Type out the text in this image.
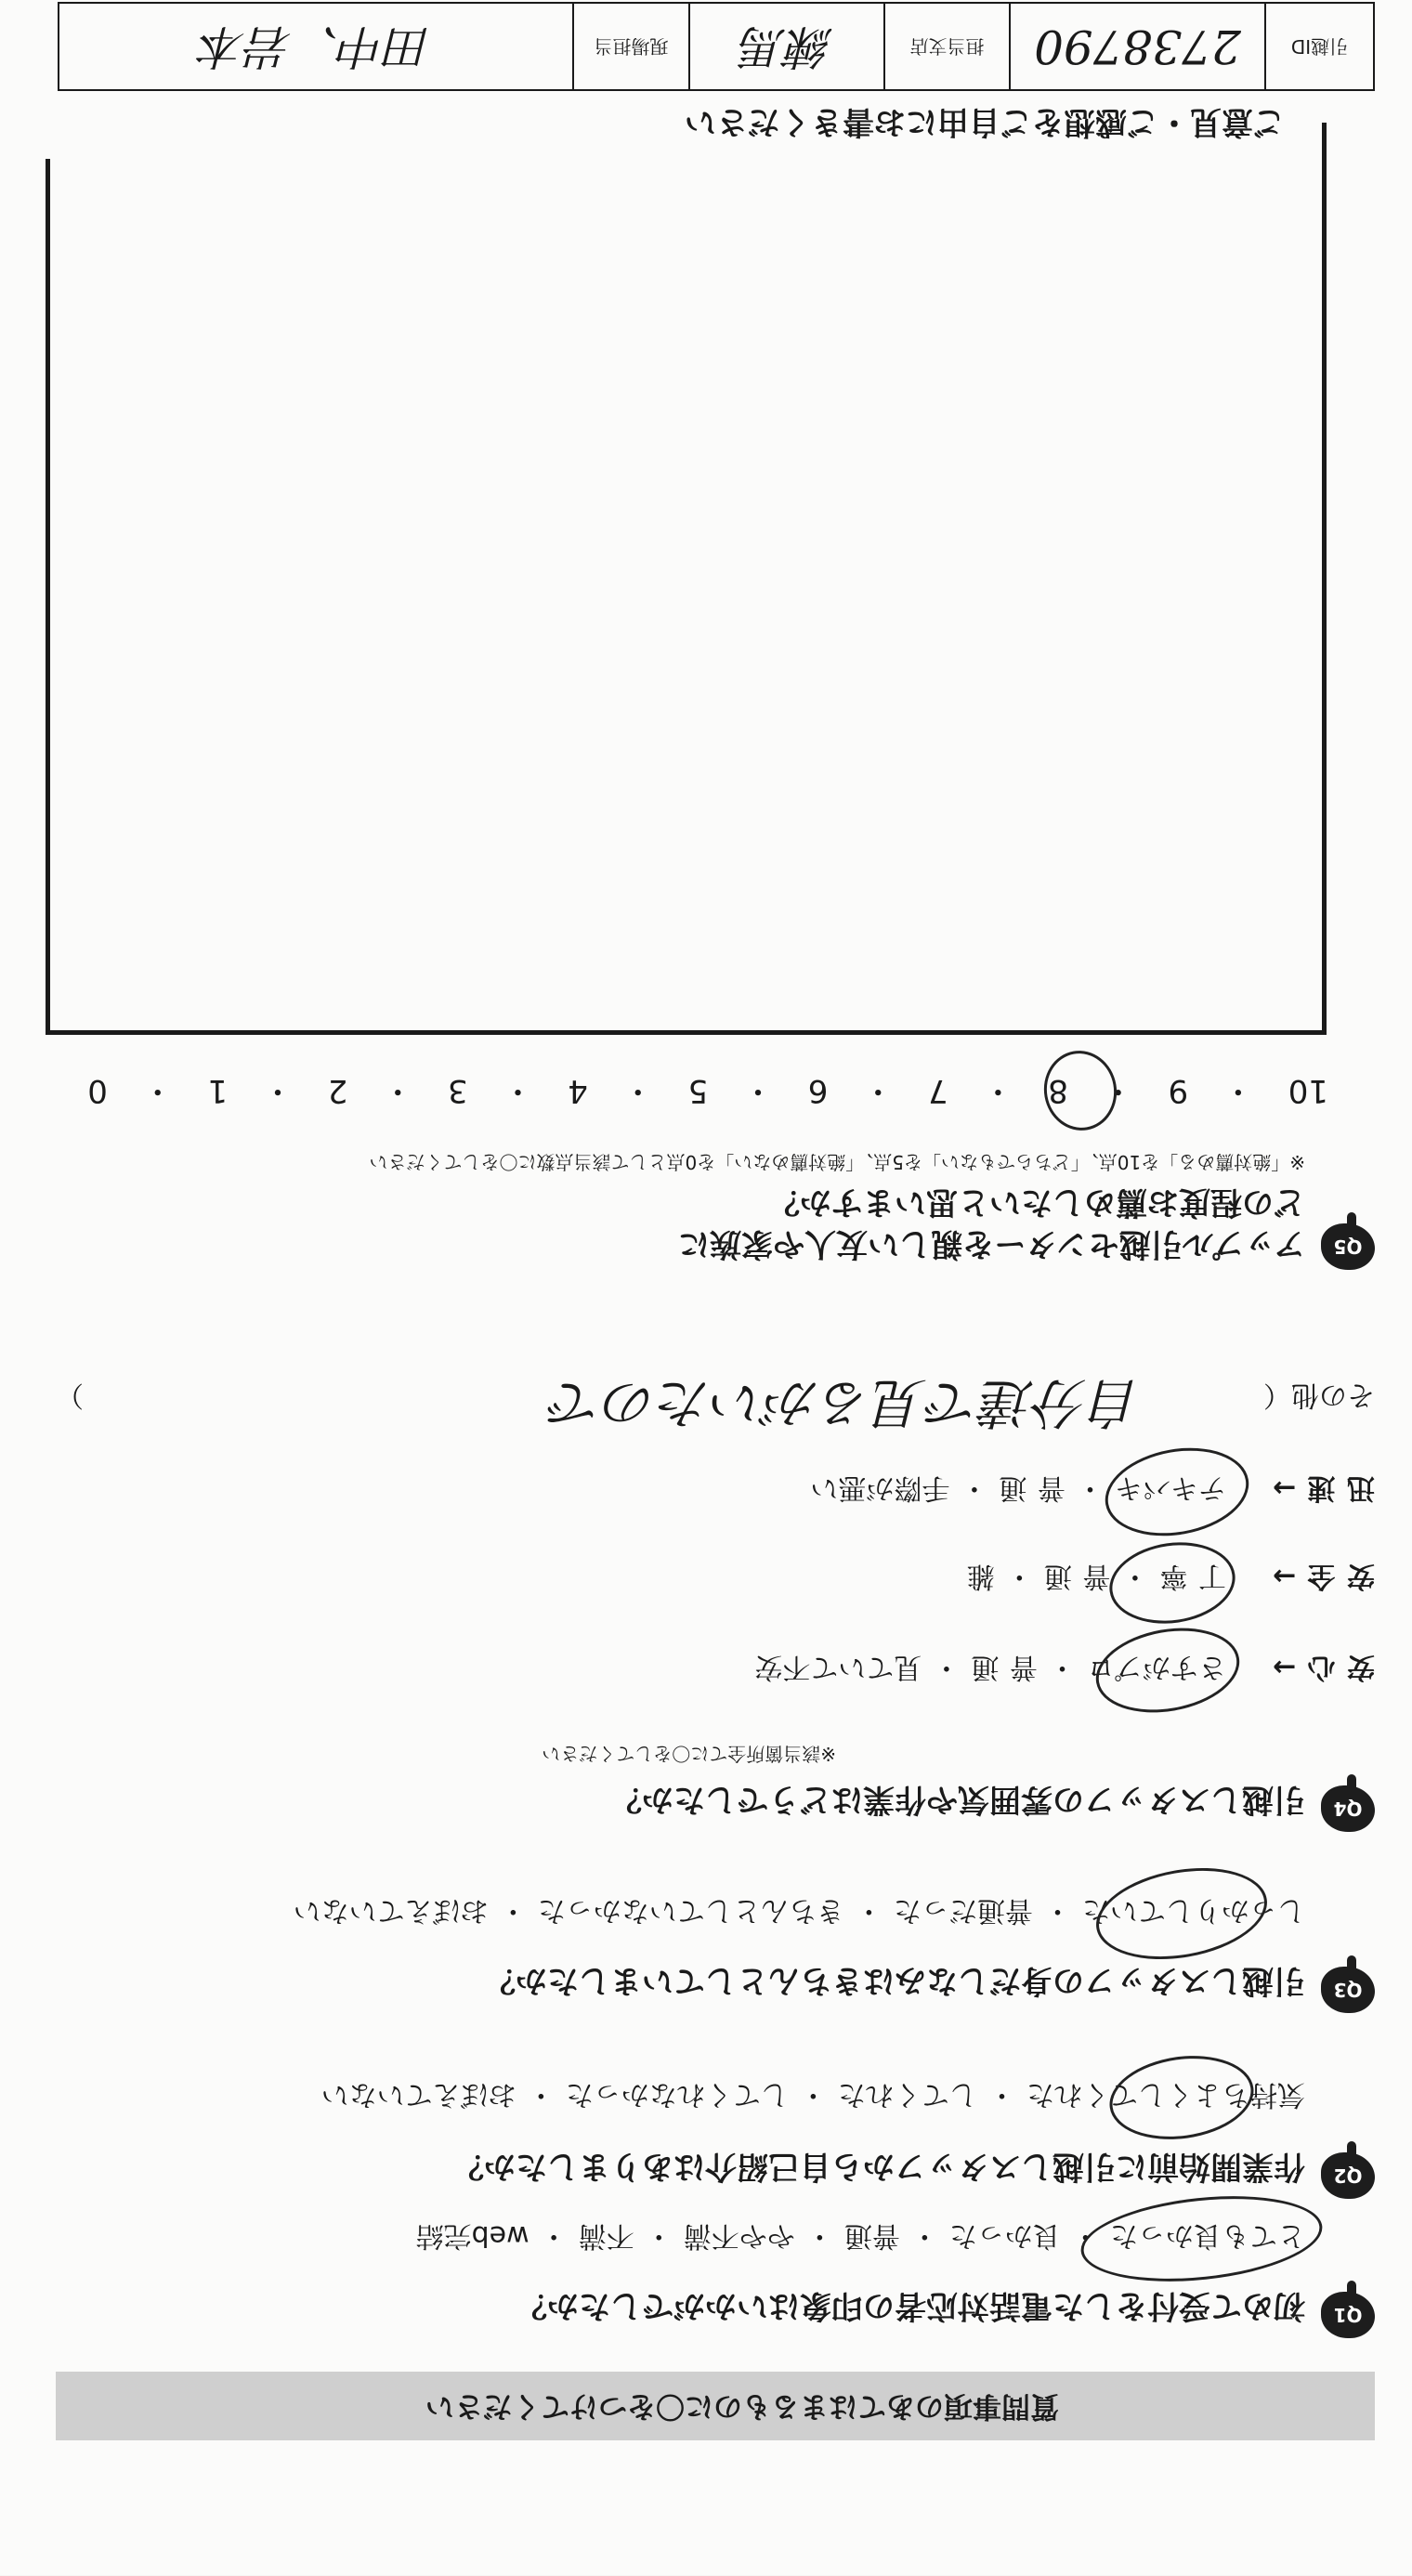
質問事項のあてはまるものに〇をつけてください
Q1
初めて受付をした電話対応者の印象はいかがでしたか？
とても良かった ・ 良かった ・ 普通 ・ やや不満 ・ 不満 ・ web完結
Q2
作業開始前に引越しスタッフから自己紹介はありましたか？
気持ちよくしてくれた ・ してくれた ・ してくれなかった ・ おぼえていない
Q3
引越しスタッフの身だしなみはきちんとしていましたか？
しっかりしていた ・ 普通だった ・ きちんとしていなかった ・ おぼえていない
Q4
引越しスタッフの雰囲気や作業はどうでしたか？
※該当箇所全てに〇をしてください
安 心 →
さすがプロ ・ 普 通 ・ 見ていて不安
安 全 →
丁 寧 ・ 普 通 ・ 雑
迅 速 →
テキパキ ・ 普 通 ・ 手際が悪い
その他（
）	自分達で見るがいたので
Q5
アップル引越センターを親しい友人や家族に
どの程度お薦めしたいと思いますか？
※「絶対薦める」を10点、「どちらでもない」を5点、「絶対薦めない」を0点として該当点数に〇をしてください
10 ・ 9 ・ 8 ・ 7 ・ 6 ・ 5 ・ 4 ・ 3 ・ 2 ・ 1 ・ 0
ご意見・ご感想をご自由にお書きください
引越ID
2738790
担当支店
練馬
現場担当
田中、岩本
